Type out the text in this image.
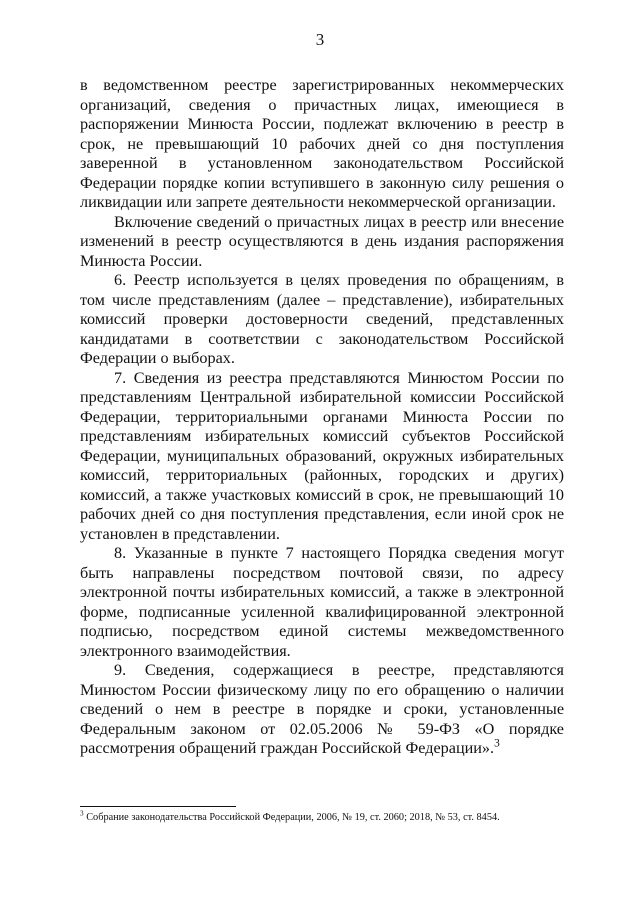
3

в ведомственном реестре зарегистрированных некоммерческих организаций, сведения о причастных лицах, имеющиеся в распоряжении Минюста России, подлежат включению в реестр в срок, не превышающий 10 рабочих дней со дня поступления заверенной в установленном законодательством Российской Федерации порядке копии вступившего в законную силу решения о ликвидации или запрете деятельности некоммерческой организации.

Включение сведений о причастных лицах в реестр или внесение изменений в реестр осуществляются в день издания распоряжения Минюста России.

6. Реестр используется в целях проведения по обращениям, в том числе представлениям (далее – представление), избирательных комиссий проверки достоверности сведений, представленных кандидатами в соответствии с законодательством Российской Федерации о выборах.

7. Сведения из реестра представляются Минюстом России по представлениям Центральной избирательной комиссии Российской Федерации, территориальными органами Минюста России по представлениям избирательных комиссий субъектов Российской Федерации, муниципальных образований, окружных избирательных комиссий, территориальных (районных, городских и других) комиссий, а также участковых комиссий в срок, не превышающий 10 рабочих дней со дня поступления представления, если иной срок не установлен в представлении.

8. Указанные в пункте 7 настоящего Порядка сведения могут быть направлены посредством почтовой связи, по адресу электронной почты избирательных комиссий, а также в электронной форме, подписанные усиленной квалифицированной электронной подписью, посредством единой системы межведомственного электронного взаимодействия.

9. Сведения, содержащиеся в реестре, представляются Минюстом России физическому лицу по его обращению о наличии сведений о нем в реестре в порядке и сроки, установленные Федеральным законом от 02.05.2006 № 59-ФЗ «О порядке рассмотрения обращений граждан Российской Федерации».$^3$

$^3$ Собрание законодательства Российской Федерации, 2006, № 19, ст. 2060; 2018, № 53, ст. 8454.
